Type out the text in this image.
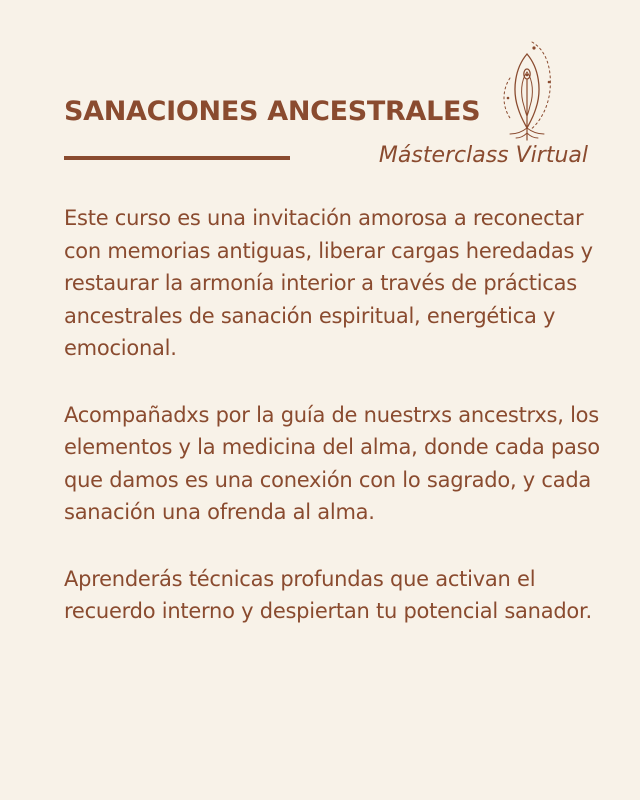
SANACIONES ANCESTRALES
Másterclass Virtual

Este curso es una invitación amorosa a reconectar con memorias antiguas, liberar cargas heredadas y restaurar la armonía interior a través de prácticas ancestrales de sanación espiritual, energética y emocional.

Acompañadxs por la guía de nuestrxs ancestrxs, los elementos y la medicina del alma, donde cada paso que damos es una conexión con lo sagrado, y cada sanación una ofrenda al alma.

Aprenderás técnicas profundas que activan el recuerdo interno y despiertan tu potencial sanador.
